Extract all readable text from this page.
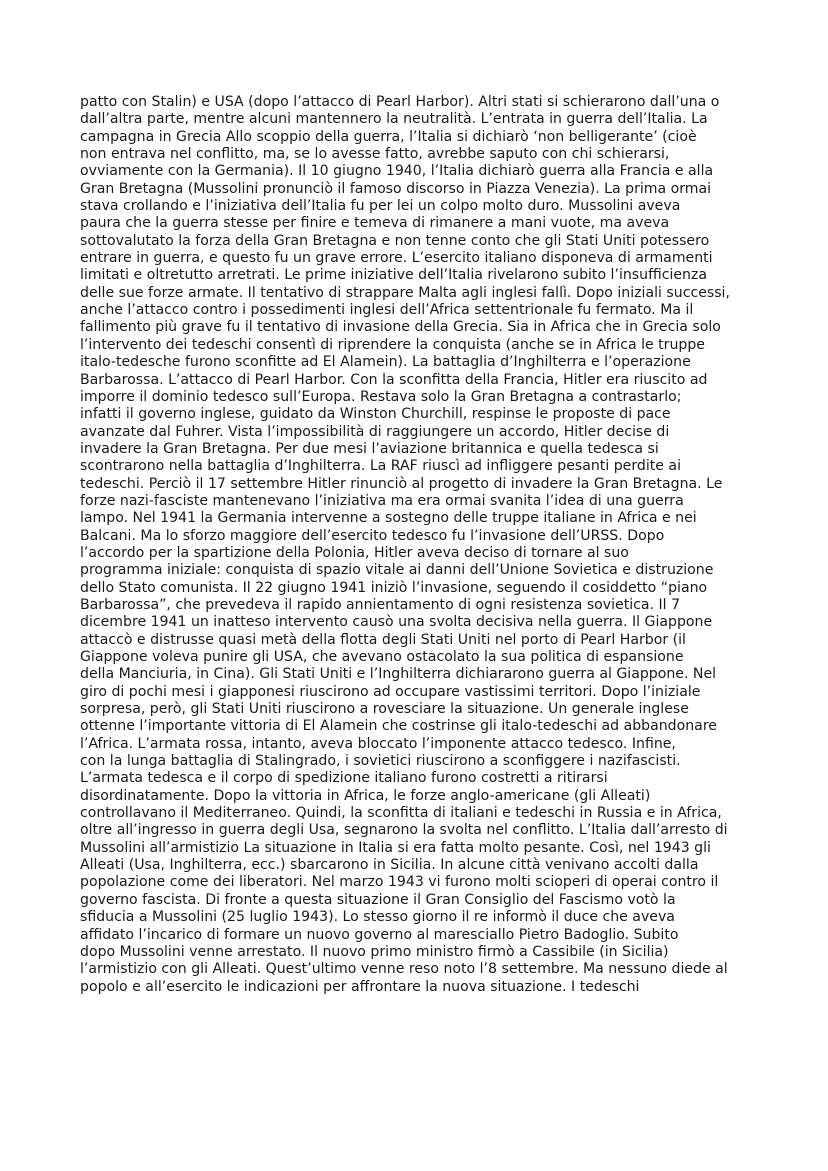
patto con Stalin) e USA (dopo l’attacco di Pearl Harbor). Altri stati si schierarono dall’una o
dall’altra parte, mentre alcuni mantennero la neutralità. L’entrata in guerra dell’Italia. La
campagna in Grecia Allo scoppio della guerra, l’Italia si dichiarò ‘non belligerante’ (cioè
non entrava nel conflitto, ma, se lo avesse fatto, avrebbe saputo con chi schierarsi,
ovviamente con la Germania). Il 10 giugno 1940, l’Italia dichiarò guerra alla Francia e alla
Gran Bretagna (Mussolini pronunciò il famoso discorso in Piazza Venezia). La prima ormai
stava crollando e l’iniziativa dell’Italia fu per lei un colpo molto duro. Mussolini aveva
paura che la guerra stesse per finire e temeva di rimanere a mani vuote, ma aveva
sottovalutato la forza della Gran Bretagna e non tenne conto che gli Stati Uniti potessero
entrare in guerra, e questo fu un grave errore. L’esercito italiano disponeva di armamenti
limitati e oltretutto arretrati. Le prime iniziative dell’Italia rivelarono subito l’insufficienza
delle sue forze armate. Il tentativo di strappare Malta agli inglesi fallì. Dopo iniziali successi,
anche l’attacco contro i possedimenti inglesi dell’Africa settentrionale fu fermato. Ma il
fallimento più grave fu il tentativo di invasione della Grecia. Sia in Africa che in Grecia solo
l’intervento dei tedeschi consentì di riprendere la conquista (anche se in Africa le truppe
italo-tedesche furono sconfitte ad El Alamein). La battaglia d’Inghilterra e l’operazione
Barbarossa. L’attacco di Pearl Harbor. Con la sconfitta della Francia, Hitler era riuscito ad
imporre il dominio tedesco sull’Europa. Restava solo la Gran Bretagna a contrastarlo;
infatti il governo inglese, guidato da Winston Churchill, respinse le proposte di pace
avanzate dal Fuhrer. Vista l’impossibilità di raggiungere un accordo, Hitler decise di
invadere la Gran Bretagna. Per due mesi l’aviazione britannica e quella tedesca si
scontrarono nella battaglia d’Inghilterra. La RAF riuscì ad infliggere pesanti perdite ai
tedeschi. Perciò il 17 settembre Hitler rinunciò al progetto di invadere la Gran Bretagna. Le
forze nazi-fasciste mantenevano l’iniziativa ma era ormai svanita l’idea di una guerra
lampo. Nel 1941 la Germania intervenne a sostegno delle truppe italiane in Africa e nei
Balcani. Ma lo sforzo maggiore dell’esercito tedesco fu l’invasione dell’URSS. Dopo
l’accordo per la spartizione della Polonia, Hitler aveva deciso di tornare al suo
programma iniziale: conquista di spazio vitale ai danni dell’Unione Sovietica e distruzione
dello Stato comunista. Il 22 giugno 1941 iniziò l’invasione, seguendo il cosiddetto “piano
Barbarossa”, che prevedeva il rapido annientamento di ogni resistenza sovietica. Il 7
dicembre 1941 un inatteso intervento causò una svolta decisiva nella guerra. Il Giappone
attaccò e distrusse quasi metà della flotta degli Stati Uniti nel porto di Pearl Harbor (il
Giappone voleva punire gli USA, che avevano ostacolato la sua politica di espansione
della Manciuria, in Cina). Gli Stati Uniti e l’Inghilterra dichiararono guerra al Giappone. Nel
giro di pochi mesi i giapponesi riuscirono ad occupare vastissimi territori. Dopo l’iniziale
sorpresa, però, gli Stati Uniti riuscirono a rovesciare la situazione. Un generale inglese
ottenne l’importante vittoria di El Alamein che costrinse gli italo-tedeschi ad abbandonare
l’Africa. L’armata rossa, intanto, aveva bloccato l’imponente attacco tedesco. Infine,
con la lunga battaglia di Stalingrado, i sovietici riuscirono a sconfiggere i nazifascisti.
L’armata tedesca e il corpo di spedizione italiano furono costretti a ritirarsi
disordinatamente. Dopo la vittoria in Africa, le forze anglo-americane (gli Alleati)
controllavano il Mediterraneo. Quindi, la sconfitta di italiani e tedeschi in Russia e in Africa,
oltre all’ingresso in guerra degli Usa, segnarono la svolta nel conflitto. L’Italia dall’arresto di
Mussolini all’armistizio La situazione in Italia si era fatta molto pesante. Così, nel 1943 gli
Alleati (Usa, Inghilterra, ecc.) sbarcarono in Sicilia. In alcune città venivano accolti dalla
popolazione come dei liberatori. Nel marzo 1943 vi furono molti scioperi di operai contro il
governo fascista. Di fronte a questa situazione il Gran Consiglio del Fascismo votò la
sfiducia a Mussolini (25 luglio 1943). Lo stesso giorno il re informò il duce che aveva
affidato l’incarico di formare un nuovo governo al maresciallo Pietro Badoglio. Subito
dopo Mussolini venne arrestato. Il nuovo primo ministro firmò a Cassibile (in Sicilia)
l’armistizio con gli Alleati. Quest’ultimo venne reso noto l’8 settembre. Ma nessuno diede al
popolo e all’esercito le indicazioni per affrontare la nuova situazione. I tedeschi
